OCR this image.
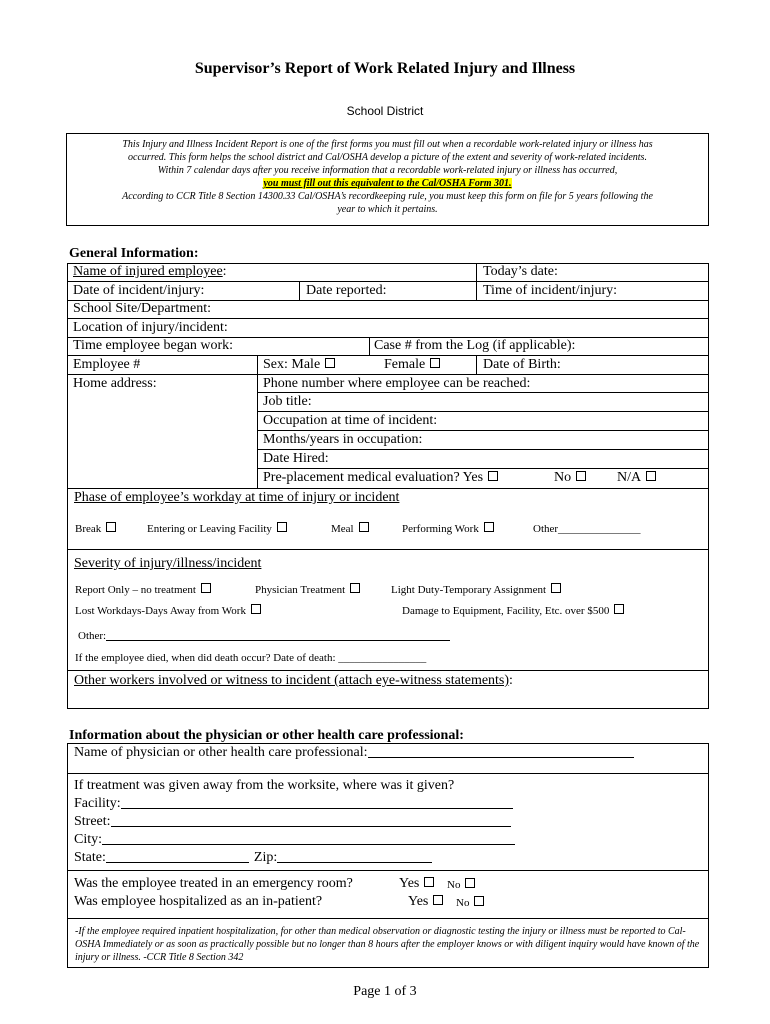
Supervisor’s Report of Work Related Injury and Illness
School District
This Injury and Illness Incident Report is one of the first forms you must fill out when a recordable work-related injury or illness has
occurred. This form helps the school district and Cal/OSHA develop a picture of the extent and severity of work-related incidents.
Within 7 calendar days after you receive information that a recordable work-related injury or illness has occurred,
you must fill out this equivalent to the Cal/OSHA Form 301.
According to CCR Title 8 Section 14300.33 Cal/OSHA’s recordkeeping rule, you must keep this form on file for 5 years following the
year to which it pertains.
General Information:
Name of injured employee:	Today’s date:
Date of incident/injury:	Date reported:	Time of incident/injury:
School Site/Department:
Location of injury/incident:
Time employee began work:	Case # from the Log (if applicable):
Employee #	Sex: Male	Female	Date of Birth:
Home address:	Phone number where employee can be reached:
Job title:
Occupation at time of incident:
Months/years in occupation:
Date Hired:
Pre-placement medical evaluation? Yes	No	N/A
Phase of employee’s workday at time of injury or incident
Break	Entering or Leaving Facility	Meal	Performing Work	Other_______________
Severity of injury/illness/incident
Report Only – no treatment	Physician Treatment	Light Duty-Temporary Assignment
Lost Workdays-Days Away from Work	Damage to Equipment, Facility, Etc. over $500
Other:
If the employee died, when did death occur? Date of death: ________________
Other workers involved or witness to incident (attach eye-witness statements):
Information about the physician or other health care professional:
Name of physician or other health care professional:
If treatment was given away from the worksite, where was it given?
Facility:
Street:
City:
State:	Zip:
Was the employee treated in an emergency room?	Yes	No
Was employee hospitalized as an in-patient?	Yes	No
-If the employee required inpatient hospitalization, for other than medical observation or diagnostic testing the injury or illness must be reported to Cal-OSHA Immediately or as soon as practically possible but no longer than 8 hours after the employer knows or with diligent inquiry would have known of the injury or illness. -CCR Title 8 Section 342
Page 1 of 3
